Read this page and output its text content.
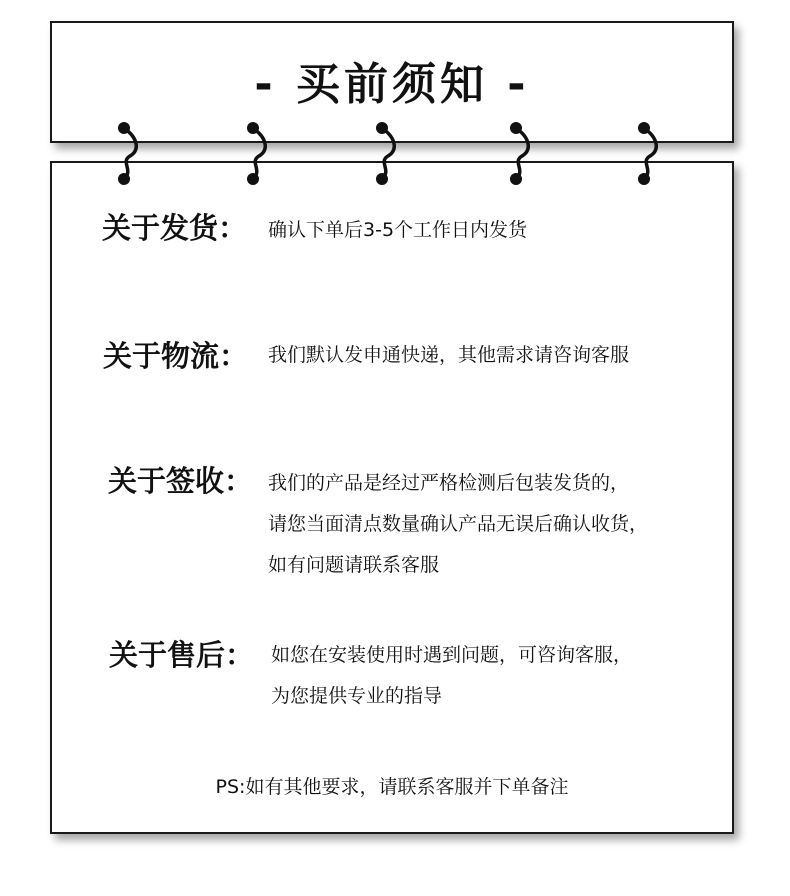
- 买前须知 -
关于发货： 确认下单后3-5个工作日内发货
关于物流： 我们默认发申通快递，其他需求请咨询客服
关于签收： 我们的产品是经过严格检测后包装发货的，
请您当面清点数量确认产品无误后确认收货，
如有问题请联系客服
关于售后： 如您在安装使用时遇到问题，可咨询客服，
为您提供专业的指导
PS:如有其他要求，请联系客服并下单备注
